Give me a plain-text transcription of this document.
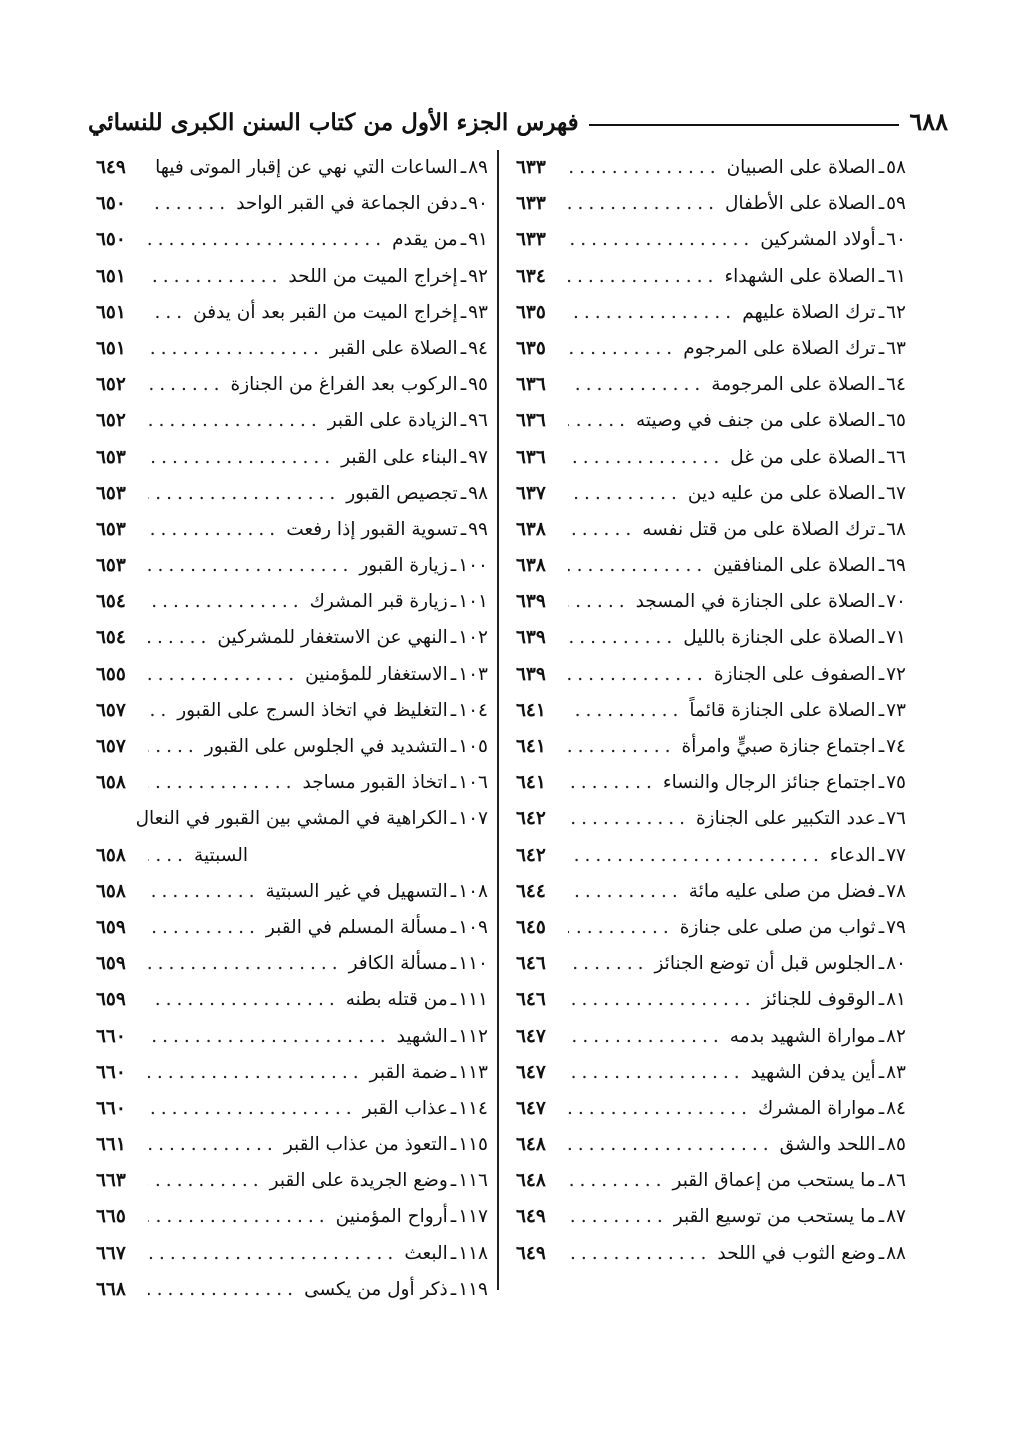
٦٨٨
فهرس الجزء الأول من كتاب السنن الكبرى للنسائي
٥٨
ـ
الصلاة على الصبيان
.....
٦٣٣
٥٩
ـ
الصلاة على الأطفال
.....
٦٣٣
٦٠
ـ
أولاد المشركين
.....
٦٣٣
٦١
ـ
الصلاة على الشهداء
.....
٦٣٤
٦٢
ـ
ترك الصلاة عليهم
.....
٦٣٥
٦٣
ـ
ترك الصلاة على المرجوم
.....
٦٣٥
٦٤
ـ
الصلاة على المرجومة
.....
٦٣٦
٦٥
ـ
الصلاة على من جنف في وصيته
.....
٦٣٦
٦٦
ـ
الصلاة على من غل
.....
٦٣٦
٦٧
ـ
الصلاة على من عليه دين
.....
٦٣٧
٦٨
ـ
ترك الصلاة على من قتل نفسه
.....
٦٣٨
٦٩
ـ
الصلاة على المنافقين
.....
٦٣٨
٧٠
ـ
الصلاة على الجنازة في المسجد
.....
٦٣٩
٧١
ـ
الصلاة على الجنازة بالليل
.....
٦٣٩
٧٢
ـ
الصفوف على الجنازة
.....
٦٣٩
٧٣
ـ
الصلاة على الجنازة قائماً
.....
٦٤١
٧٤
ـ
اجتماع جنازة صبيٍّ وامرأة
.....
٦٤١
٧٥
ـ
اجتماع جنائز الرجال والنساء
.....
٦٤١
٧٦
ـ
عدد التكبير على الجنازة
.....
٦٤٢
٧٧
ـ
الدعاء
.....
٦٤٢
٧٨
ـ
فضل من صلى عليه مائة
.....
٦٤٤
٧٩
ـ
ثواب من صلى على جنازة
.....
٦٤٥
٨٠
ـ
الجلوس قبل أن توضع الجنائز
.....
٦٤٦
٨١
ـ
الوقوف للجنائز
.....
٦٤٦
٨٢
ـ
مواراة الشهيد بدمه
.....
٦٤٧
٨٣
ـ
أين يدفن الشهيد
.....
٦٤٧
٨٤
ـ
مواراة المشرك
.....
٦٤٧
٨٥
ـ
اللحد والشق
.....
٦٤٨
٨٦
ـ
ما يستحب من إعماق القبر
.....
٦٤٨
٨٧
ـ
ما يستحب من توسيع القبر
.....
٦٤٩
٨٨
ـ
وضع الثوب في اللحد
.....
٦٤٩
٨٩
ـ
الساعات التي نهي عن إقبار الموتى فيها
.....
٦٤٩
٩٠
ـ
دفن الجماعة في القبر الواحد
.....
٦٥٠
٩١
ـ
من يقدم
.....
٦٥٠
٩٢
ـ
إخراج الميت من اللحد
.....
٦٥١
٩٣
ـ
إخراج الميت من القبر بعد أن يدفن
.....
٦٥١
٩٤
ـ
الصلاة على القبر
.....
٦٥١
٩٥
ـ
الركوب بعد الفراغ من الجنازة
.....
٦٥٢
٩٦
ـ
الزيادة على القبر
.....
٦٥٢
٩٧
ـ
البناء على القبر
.....
٦٥٣
٩٨
ـ
تجصيص القبور
.....
٦٥٣
٩٩
ـ
تسوية القبور إذا رفعت
.....
٦٥٣
١٠٠
ـ
زيارة القبور
.....
٦٥٣
١٠١
ـ
زيارة قبر المشرك
.....
٦٥٤
١٠٢
ـ
النهي عن الاستغفار للمشركين
.....
٦٥٤
١٠٣
ـ
الاستغفار للمؤمنين
.....
٦٥٥
١٠٤
ـ
التغليظ في اتخاذ السرج على القبور
.....
٦٥٧
١٠٥
ـ
التشديد في الجلوس على القبور
.....
٦٥٧
١٠٦
ـ
اتخاذ القبور مساجد
.....
٦٥٨
١٠٧
ـ
الكراهية في المشي بين القبور في النعال
السبتية
.....
٦٥٨
١٠٨
ـ
التسهيل في غير السبتية
.....
٦٥٨
١٠٩
ـ
مسألة المسلم في القبر
.....
٦٥٩
١١٠
ـ
مسألة الكافر
.....
٦٥٩
١١١
ـ
من قتله بطنه
.....
٦٥٩
١١٢
ـ
الشهيد
.....
٦٦٠
١١٣
ـ
ضمة القبر
.....
٦٦٠
١١٤
ـ
عذاب القبر
.....
٦٦٠
١١٥
ـ
التعوذ من عذاب القبر
.....
٦٦١
١١٦
ـ
وضع الجريدة على القبر
.....
٦٦٣
١١٧
ـ
أرواح المؤمنين
.....
٦٦٥
١١٨
ـ
البعث
.....
٦٦٧
١١٩
ـ
ذكر أول من يكسى
.....
٦٦٨
